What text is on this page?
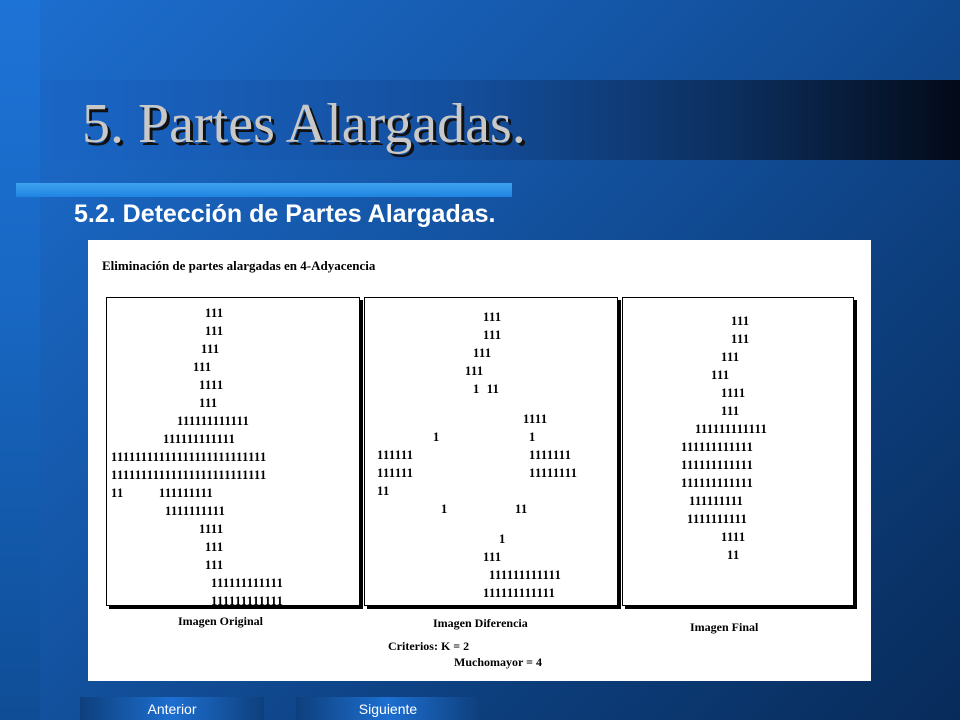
5. Partes Alargadas.
5.2. Detección de Partes Alargadas.

Eliminación de partes alargadas en 4-Adyacencia

111
111
111
111
1111
111
111111111111
111111111111
11111111111111111111111111
11111111111111111111111111
11          111111111
1111111111
1111
111
111
111111111111
111111111111
111
111
111
111
1  11
1111
1	1
111111	1111111
111111	11111111
11
1	11
1
111
111111111111
111111111111
111
111
111
111
1111
111
111111111111
111111111111
111111111111
111111111111
111111111
1111111111
1111
11

Imagen Original	Imagen Diferencia	Imagen Final

Criterios: K = 2

Muchomayor = 4

Anterior	Siguiente
